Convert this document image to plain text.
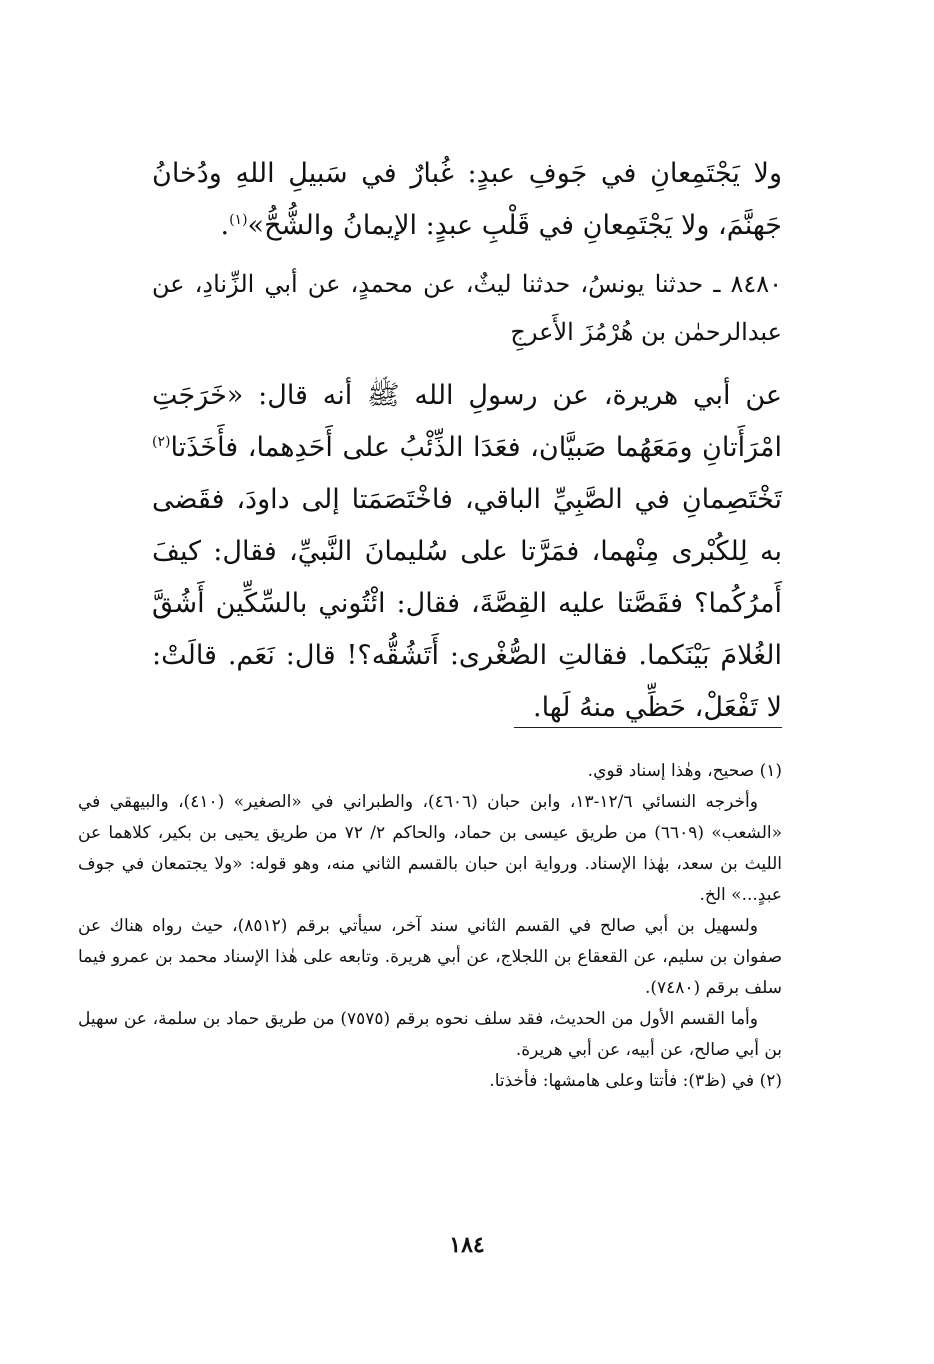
ولا يَجْتَمِعانِ في جَوفِ عبدٍ: غُبارٌ في سَبيلِ اللهِ ودُخانُ جَهنَّمَ، ولا يَجْتَمِعانِ في قَلْبِ عبدٍ: الإيمانُ والشُّحُّ»$^{(١)}$.

٨٤٨٠ ـ حدثنا يونسُ، حدثنا ليثٌ، عن محمدٍ، عن أبي الزِّنادِ، عن عبدالرحمٰن بن هُرْمُزَ الأَعرجِ

عن أبي هريرة، عن رسولِ الله ﷺ أنه قال: «خَرَجَتِ امْرَأَتانِ ومَعَهُما صَبيَّان، فعَدَا الذِّئْبُ على أَحَدِهما، فأَخَذَتا$^{(٢)}$ تَخْتَصِمانِ في الصَّبِيِّ الباقي، فاخْتَصَمَتا إلى داودَ، فقَضى به لِلكُبْرى مِنْهما، فمَرَّتا على سُليمانَ النَّبيِّ، فقال: كيفَ أَمرُكُما؟ فقَصَّتا عليه القِصَّةَ، فقال: ائْتُوني بالسِّكِّين أَشُقَّ الغُلامَ بَيْنَكما. فقالتِ الصُّغْرى: أَتَشُقُّه؟! قال: نَعَم. قالَتْ: لا تَفْعَلْ، حَظِّي منهُ لَها.

(١) صحيح، وهٰذا إسناد قوي.

وأخرجه النسائي ١٢/٦-١٣، وابن حبان (٤٦٠٦)، والطبراني في «الصغير» (٤١٠)، والبيهقي في «الشعب» (٦٦٠٩) من طريق عيسى بن حماد، والحاكم ٢/ ٧٢ من طريق يحيى بن بكير، كلاهما عن الليث بن سعد، بهٰذا الإسناد. ورواية ابن حبان بالقسم الثاني منه، وهو قوله: «ولا يجتمعان في جوف عبدٍ...» الخ.

ولسهيل بن أبي صالح في القسم الثاني سند آخر، سيأتي برقم (٨٥١٢)، حيث رواه هناك عن صفوان بن سليم، عن القعقاع بن اللجلاج، عن أبي هريرة. وتابعه على هٰذا الإسناد محمد بن عمرو فيما سلف برقم (٧٤٨٠).

وأما القسم الأول من الحديث، فقد سلف نحوه برقم (٧٥٧٥) من طريق حماد بن سلمة، عن سهيل بن أبي صالح، عن أبيه، عن أبي هريرة.

(٢) في (ظ٣): فأتتا وعلى هامشها: فأخذتا.

١٨٤
